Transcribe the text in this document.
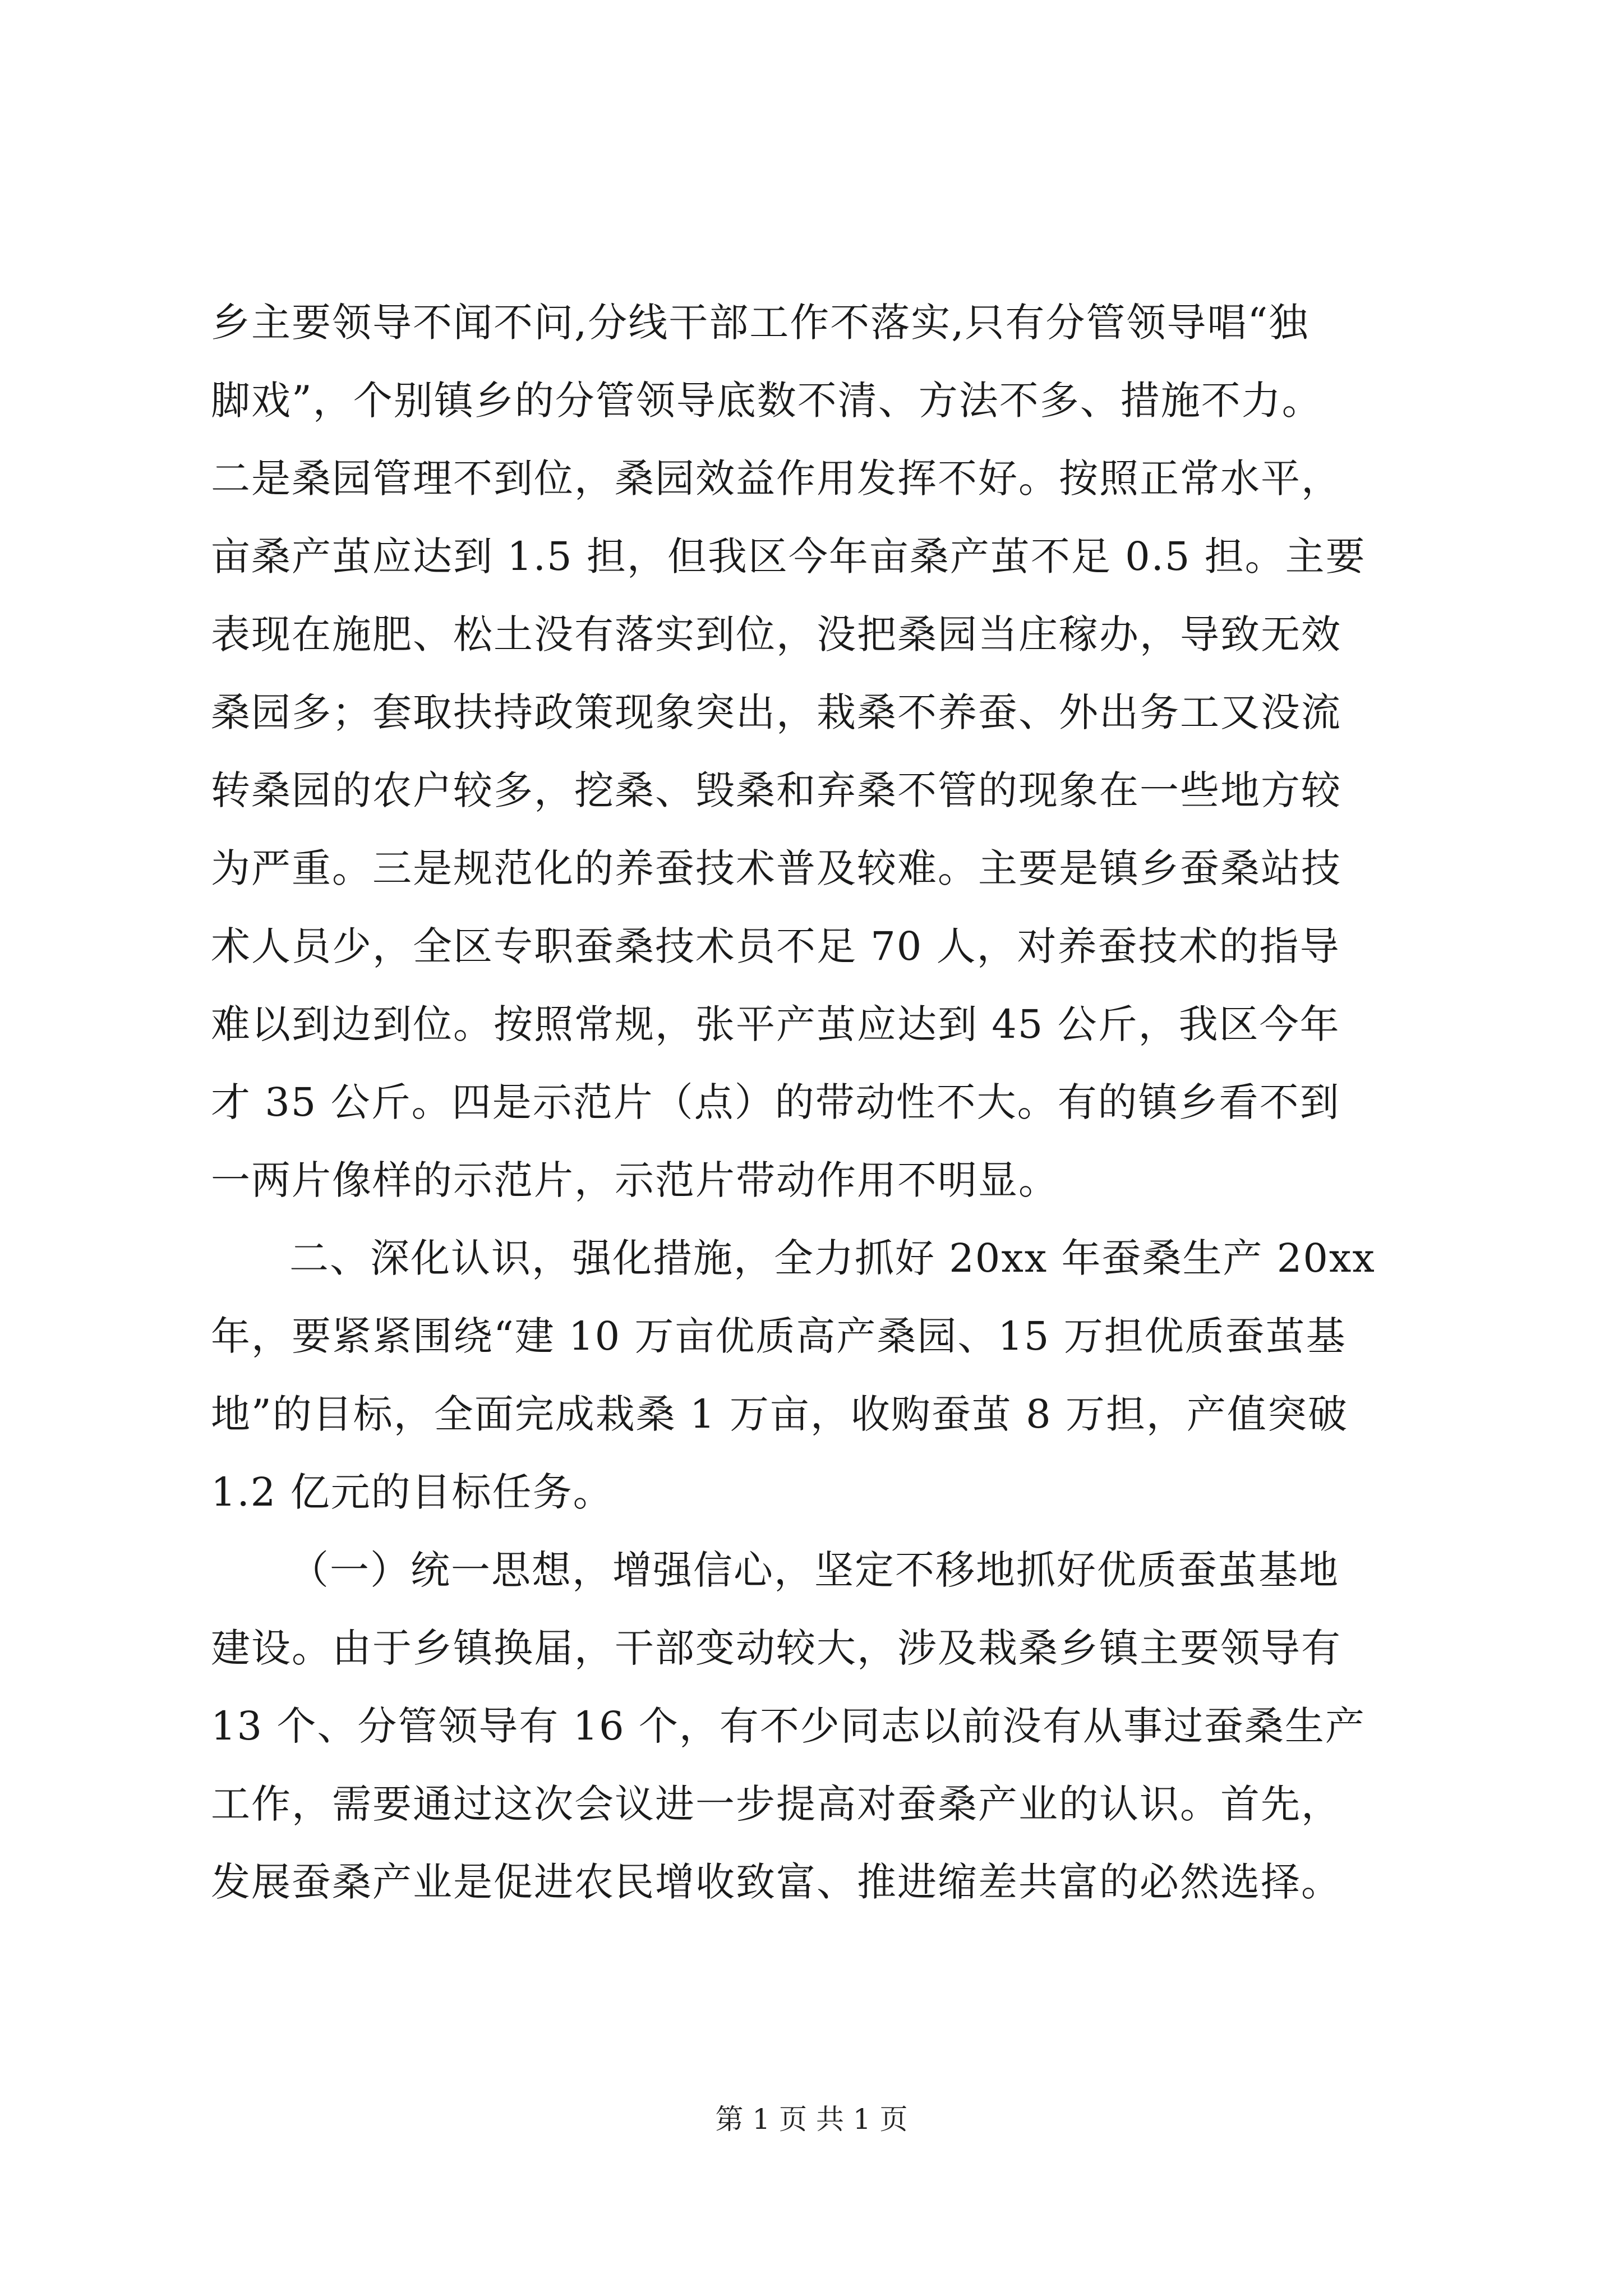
乡主要领导不闻不问,分线干部工作不落实,只有分管领导唱“独
脚戏”，个别镇乡的分管领导底数不清、方法不多、措施不力。
二是桑园管理不到位，桑园效益作用发挥不好。按照正常水平，
亩桑产茧应达到 1.5 担，但我区今年亩桑产茧不足 0.5 担。主要
表现在施肥、松土没有落实到位，没把桑园当庄稼办，导致无效
桑园多；套取扶持政策现象突出，栽桑不养蚕、外出务工又没流
转桑园的农户较多，挖桑、毁桑和弃桑不管的现象在一些地方较
为严重。三是规范化的养蚕技术普及较难。主要是镇乡蚕桑站技
术人员少，全区专职蚕桑技术员不足 70 人，对养蚕技术的指导
难以到边到位。按照常规，张平产茧应达到 45 公斤，我区今年
才 35 公斤。四是示范片（点）的带动性不大。有的镇乡看不到
一两片像样的示范片，示范片带动作用不明显。
二、深化认识，强化措施，全力抓好 20xx 年蚕桑生产 20xx
年，要紧紧围绕“建 10 万亩优质高产桑园、15 万担优质蚕茧基
地”的目标，全面完成栽桑 1 万亩，收购蚕茧 8 万担，产值突破
1.2 亿元的目标任务。
（一）统一思想，增强信心，坚定不移地抓好优质蚕茧基地
建设。由于乡镇换届，干部变动较大，涉及栽桑乡镇主要领导有
13 个、分管领导有 16 个，有不少同志以前没有从事过蚕桑生产
工作，需要通过这次会议进一步提高对蚕桑产业的认识。首先，
发展蚕桑产业是促进农民增收致富、推进缩差共富的必然选择。
第 1 页 共 1 页
